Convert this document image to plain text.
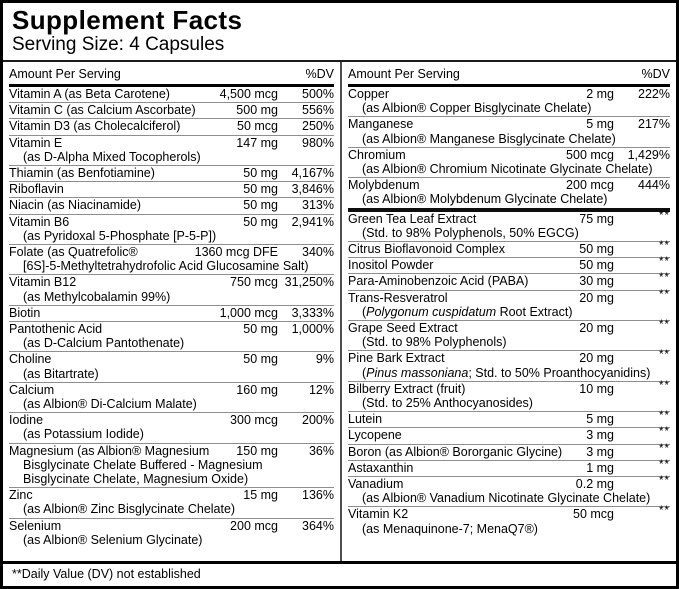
Supplement Facts
Serving Size: 4 Capsules
Amount Per Serving	%DV
Vitamin A (as Beta Carotene)	4,500 mcg 500%
Vitamin C (as Calcium Ascorbate)	500 mg 556%
Vitamin D3 (as Cholecalciferol)	50 mcg 250%
Vitamin E	147 mg 980%
(as D-Alpha Mixed Tocopherols)
Thiamin (as Benfotiamine)	50 mg 4,167%
Riboflavin	50 mg 3,846%
Niacin (as Niacinamide)	50 mg 313%
Vitamin B6	50 mg 2,941%
(as Pyridoxal 5-Phosphate [P-5-P])
Folate (as Quatrefolic®	1360 mcg DFE 340%
[6S]-5-Methyltetrahydrofolic Acid Glucosamine Salt)
Vitamin B12	750 mcg 31,250%
(as Methylcobalamin 99%)
Biotin	1,000 mcg 3,333%
Pantothenic Acid	50 mg 1,000%
(as D-Calcium Pantothenate)
Choline	50 mg	9%
(as Bitartrate)
Calcium	160 mg 12%
(as Albion® Di-Calcium Malate)
Iodine	300 mcg 200%
(as Potassium Iodide)
Magnesium (as Albion® Magnesium	150 mg 36%
Bisglycinate Chelate Buffered - Magnesium
Bisglycinate Chelate, Magnesium Oxide)
Zinc	15 mg 136%
(as Albion® Zinc Bisglycinate Chelate)
Selenium	200 mcg 364%
(as Albion® Selenium Glycinate)
Amount Per Serving	%DV
Copper	2 mg 222%
(as Albion® Copper Bisglycinate Chelate)
Manganese	5 mg 217%
(as Albion® Manganese Bisglycinate Chelate)
Chromium	500 mcg 1,429%
(as Albion® Chromium Nicotinate Glycinate Chelate)
Molybdenum	200 mcg 444%
(as Albion® Molybdenum Glycinate Chelate)
Green Tea Leaf Extract	75 mg	**
(Std. to 98% Polyphenols, 50% EGCG)
Citrus Bioflavonoid Complex	50 mg	**
Inositol Powder	50 mg	**
Para-Aminobenzoic Acid (PABA)	30 mg	**
Trans-Resveratrol	20 mg	**
(Polygonum cuspidatum Root Extract)
Grape Seed Extract	20 mg	**
(Std. to 98% Polyphenols)
Pine Bark Extract	20 mg	**
(Pinus massoniana; Std. to 50% Proanthocyanidins)
Bilberry Extract (fruit)	10 mg	**
(Std. to 25% Anthocyanosides)
Lutein	5 mg	**
Lycopene	3 mg	**
Boron (as Albion® Bororganic Glycine)	3 mg	**
Astaxanthin	1 mg	**
Vanadium	0.2 mg	**
(as Albion® Vanadium Nicotinate Glycinate Chelate)
Vitamin K2	50 mcg	**
(as Menaquinone-7; MenaQ7®)
**Daily Value (DV) not established
